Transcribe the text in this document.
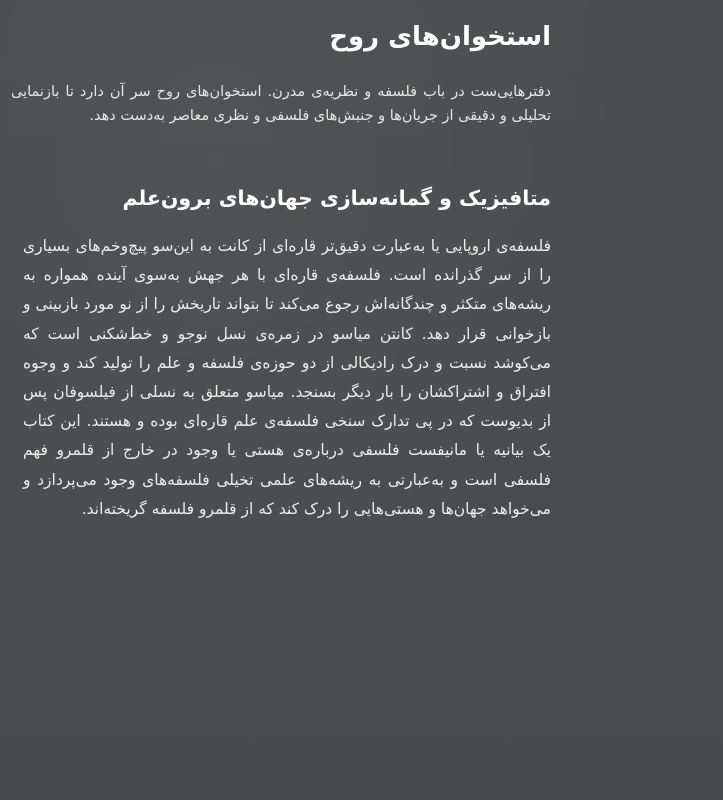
استخوان‌های روح
دفترهایی‌ست در باب فلسفه و نظریه‌ی مدرن. استخوان‌های روح سر آن دارد تا بازنمایی تحلیلی و دقیقی از جریان‌ها و جنبش‌های فلسفی و نظری معاصر به‌دست دهد.
متافیزیک و گمانه‌سازی جهان‌های برون‌علم
فلسفه‌ی اروپایی یا به‌عبارت دقیق‌تر قاره‌ای از کانت به این‌سو پیچ‌وخم‌های بسیاری را از سر گذرانده است. فلسفه‌ی قاره‌ای با هر جهش به‌سوی آینده همواره به ریشه‌های متکثر و چندگانه‌اش رجوع می‌کند تا بتواند تاریخش را از نو مورد بازبینی و بازخوانی قرار دهد. کانتن میاسو در زمره‌ی نسل نوجو و خط‌شکنی است که می‌کوشد نسبت و درک رادیکالی از دو حوزه‌ی فلسفه و علم را تولید کند و وجوه افتراق و اشتراکشان را بار دیگر بسنجد. میاسو متعلق به نسلی از فیلسوفان پس از بدیوست که در پی تدارک سنخی فلسفه‌ی علم قاره‌ای بوده و هستند. این کتاب یک بیانیه یا مانیفست فلسفی درباره‌ی هستی یا وجود در خارج از قلمرو فهم فلسفی است و به‌عبارتی به ریشه‌های علمی تخیلی فلسفه‌های وجود می‌پردازد و می‌خواهد جهان‌ها و هستی‌هایی را درک کند که از قلمرو فلسفه گریخته‌اند.
